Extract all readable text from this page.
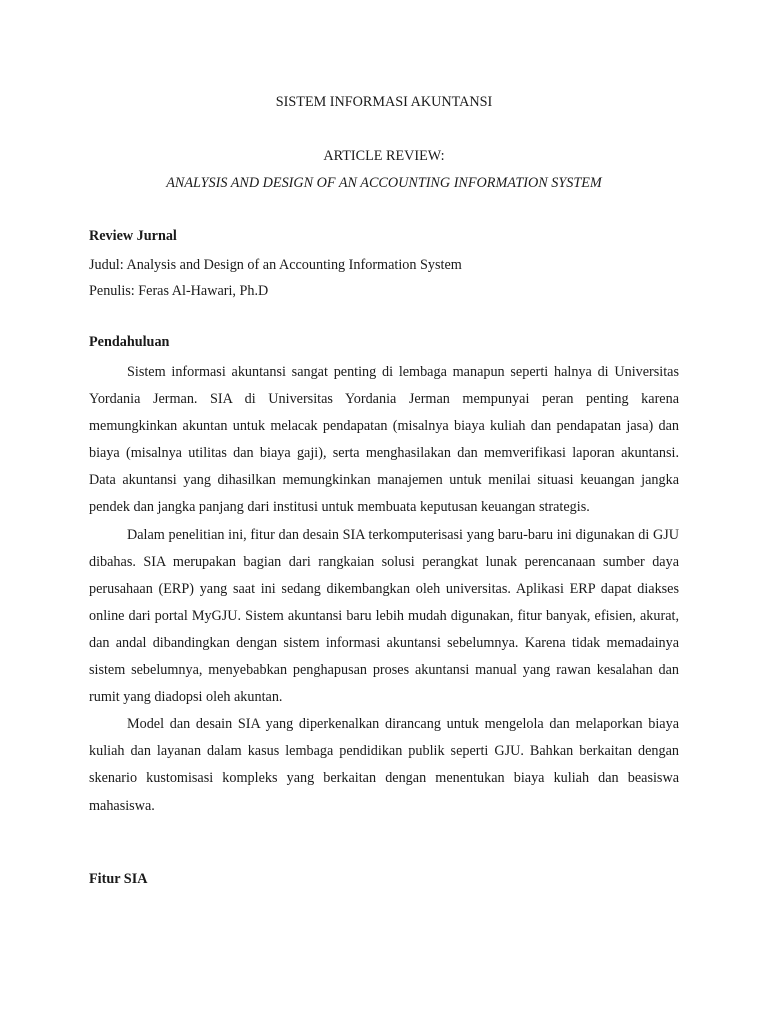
SISTEM INFORMASI AKUNTANSI
ARTICLE REVIEW:
ANALYSIS AND DESIGN OF AN ACCOUNTING INFORMATION SYSTEM
Review Jurnal
Judul: Analysis and Design of an Accounting Information System
Penulis: Feras Al-Hawari, Ph.D
Pendahuluan

Sistem informasi akuntansi sangat penting di lembaga manapun seperti halnya di Universitas Yordania Jerman. SIA di Universitas Yordania Jerman mempunyai peran penting karena memungkinkan akuntan untuk melacak pendapatan (misalnya biaya kuliah dan pendapatan jasa) dan biaya (misalnya utilitas dan biaya gaji), serta menghasilakan dan memverifikasi laporan akuntansi. Data akuntansi yang dihasilkan memungkinkan manajemen untuk menilai situasi keuangan jangka pendek dan jangka panjang dari institusi untuk membuata keputusan keuangan strategis.

Dalam penelitian ini, fitur dan desain SIA terkomputerisasi yang baru-baru ini digunakan di GJU dibahas. SIA merupakan bagian dari rangkaian solusi perangkat lunak perencanaan sumber daya perusahaan (ERP) yang saat ini sedang dikembangkan oleh universitas. Aplikasi ERP dapat diakses online dari portal MyGJU. Sistem akuntansi baru lebih mudah digunakan, fitur banyak, efisien, akurat, dan andal dibandingkan dengan sistem informasi akuntansi sebelumnya. Karena tidak memadainya sistem sebelumnya, menyebabkan penghapusan proses akuntansi manual yang rawan kesalahan dan rumit yang diadopsi oleh akuntan.

Model dan desain SIA yang diperkenalkan dirancang untuk mengelola dan melaporkan biaya kuliah dan layanan dalam kasus lembaga pendidikan publik seperti GJU. Bahkan berkaitan dengan skenario kustomisasi kompleks yang berkaitan dengan menentukan biaya kuliah dan beasiswa mahasiswa.

Fitur SIA
